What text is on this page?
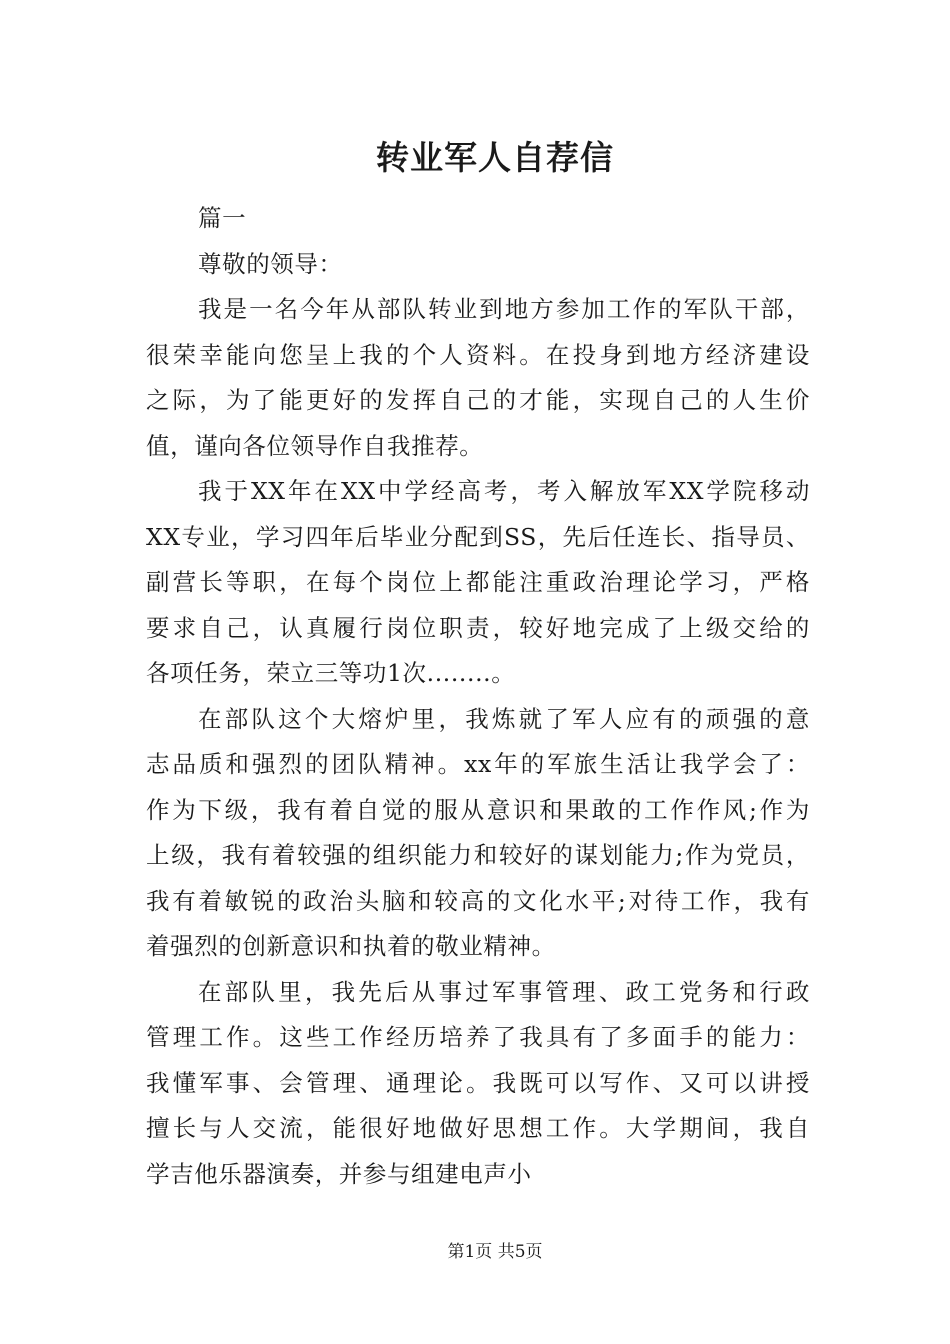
转业军人自荐信
篇一
尊敬的领导：
我是一名今年从部队转业到地方参加工作的军队干部，
很荣幸能向您呈上我的个人资料。在投身到地方经济建设
之际，为了能更好的发挥自己的才能，实现自己的人生价
值，谨向各位领导作自我推荐。
我于XX年在XX中学经高考，考入解放军XX学院移动
XX专业，学习四年后毕业分配到SS，先后任连长、指导员、
副营长等职，在每个岗位上都能注重政治理论学习，严格
要求自己，认真履行岗位职责，较好地完成了上级交给的
各项任务，荣立三等功1次........。
在部队这个大熔炉里，我炼就了军人应有的顽强的意
志品质和强烈的团队精神。xx年的军旅生活让我学会了：
作为下级，我有着自觉的服从意识和果敢的工作作风;作为
上级，我有着较强的组织能力和较好的谋划能力;作为党员，
我有着敏锐的政治头脑和较高的文化水平;对待工作，我有
着强烈的创新意识和执着的敬业精神。
在部队里，我先后从事过军事管理、政工党务和行政
管理工作。这些工作经历培养了我具有了多面手的能力：
我懂军事、会管理、通理论。我既可以写作、又可以讲授
擅长与人交流，能很好地做好思想工作。大学期间，我自
学吉他乐器演奏，并参与组建电声小
第1页 共5页
